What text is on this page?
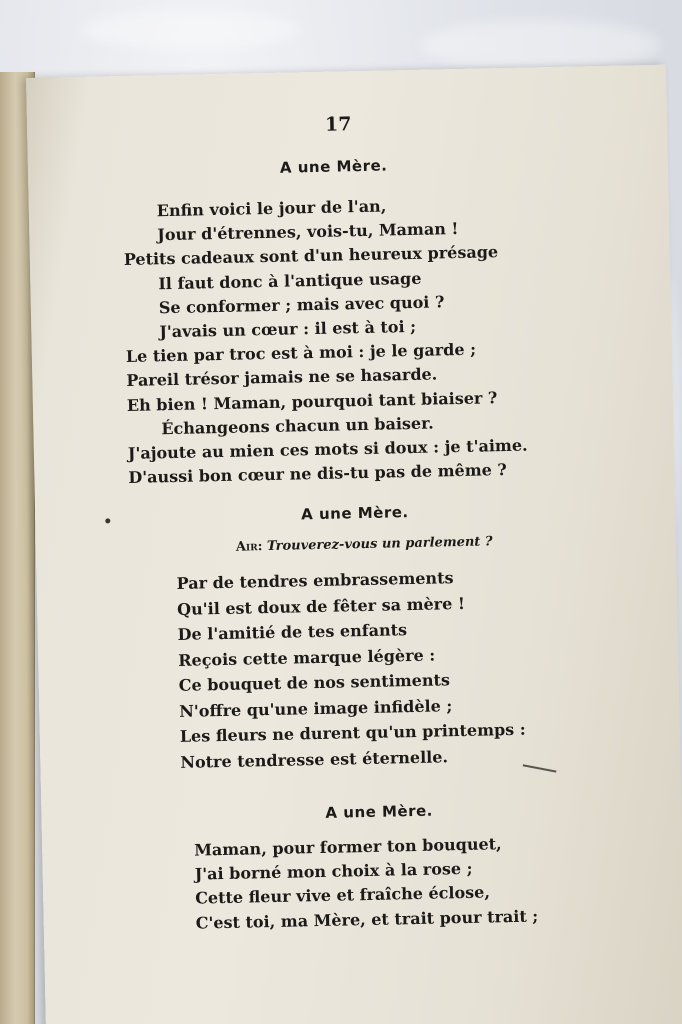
17
A une Mère.
Enfin voici le jour de l'an,
Jour d'étrennes, vois-tu, Maman !
Petits cadeaux sont d'un heureux présage
Il faut donc à l'antique usage
Se conformer ; mais avec quoi ?
J'avais un cœur : il est à toi ;
Le tien par troc est à moi : je le garde ;
Pareil trésor jamais ne se hasarde.
Eh bien ! Maman, pourquoi tant biaiser ?
Échangeons chacun un baiser.
J'ajoute au mien ces mots si doux : je t'aime.
D'aussi bon cœur ne dis-tu pas de même ?
A une Mère.
Air: Trouverez-vous un parlement ?
Par de tendres embrassements
Qu'il est doux de fêter sa mère !
De l'amitié de tes enfants
Reçois cette marque légère :
Ce bouquet de nos sentiments
N'offre qu'une image infidèle ;
Les fleurs ne durent qu'un printemps :
Notre tendresse est éternelle.
A une Mère.
Maman, pour former ton bouquet,
J'ai borné mon choix à la rose ;
Cette fleur vive et fraîche éclose,
C'est toi, ma Mère, et trait pour trait ;
